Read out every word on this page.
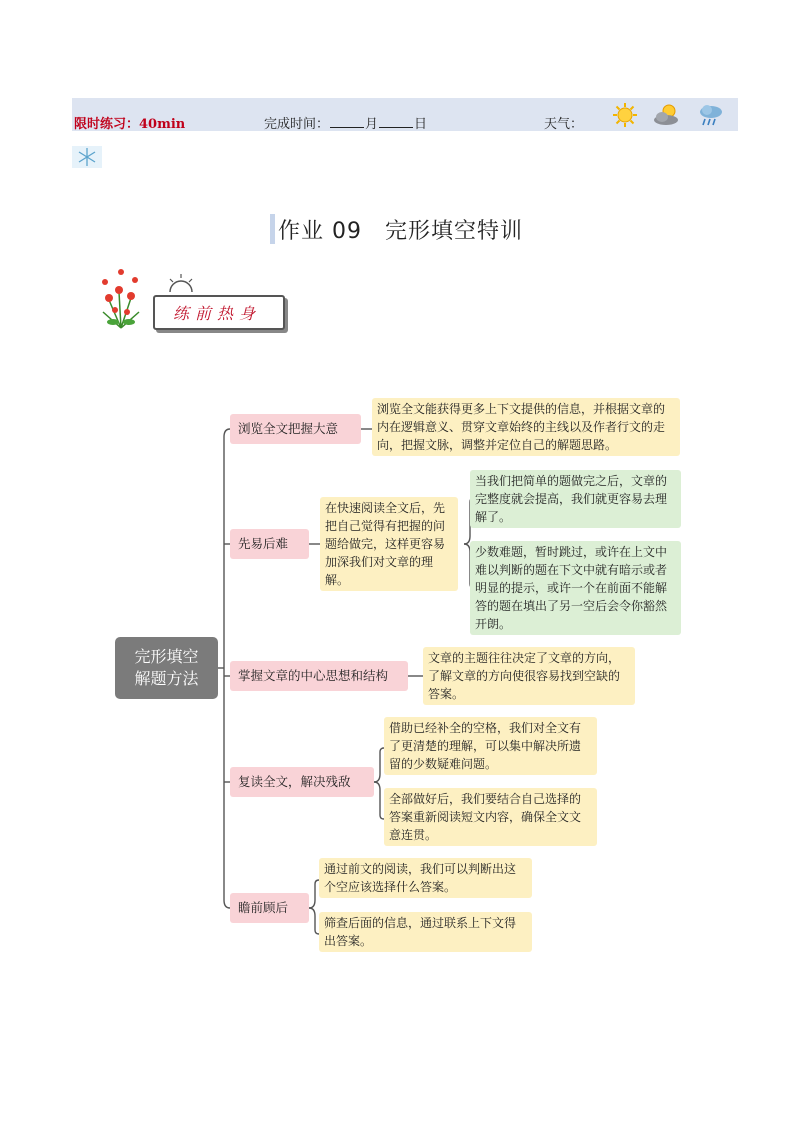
限时练习：40min	完成时间：	月	日	天气：
作业 09　完形填空特训
练前热身
完形填空解题方法
浏览全文把握大意
浏览全文能获得更多上下文提供的信息，并根据文章的内在逻辑意义、贯穿文章始终的主线以及作者行文的走向，把握文脉，调整并定位自己的解题思路。
先易后难
在快速阅读全文后，先把自己觉得有把握的问题给做完，这样更容易加深我们对文章的理解。
当我们把简单的题做完之后，文章的完整度就会提高，我们就更容易去理解了。
少数难题，暂时跳过，或许在上文中难以判断的题在下文中就有暗示或者明显的提示，或许一个在前面不能解答的题在填出了另一空后会令你豁然开朗。
掌握文章的中心思想和结构
文章的主题往往决定了文章的方向，了解文章的方向使很容易找到空缺的答案。
复读全文，解决残敌
借助已经补全的空格，我们对全文有了更清楚的理解，可以集中解决所遗留的少数疑难问题。
全部做好后，我们要结合自己选择的答案重新阅读短文内容，确保全文文意连贯。
瞻前顾后
通过前文的阅读，我们可以判断出这个空应该选择什么答案。
筛查后面的信息，通过联系上下文得出答案。
